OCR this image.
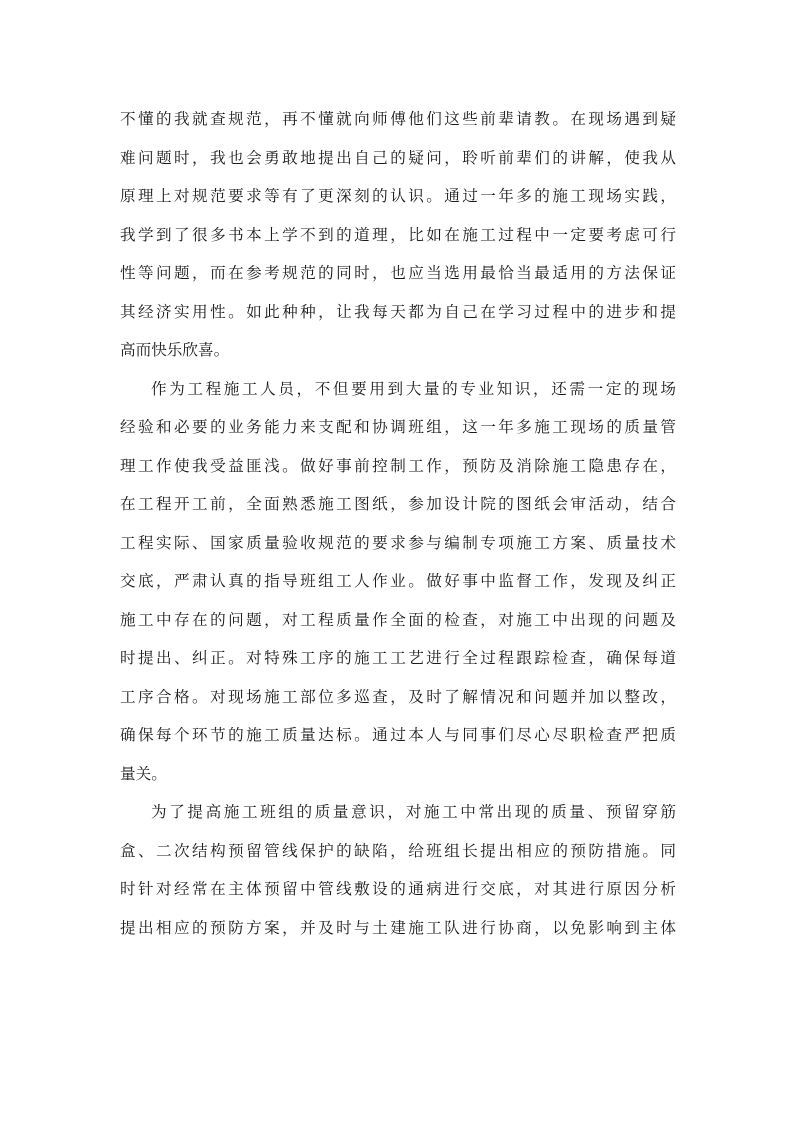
不懂的我就查规范，再不懂就向师傅他们这些前辈请教。在现场遇到疑
难问题时，我也会勇敢地提出自己的疑问，聆听前辈们的讲解，使我从
原理上对规范要求等有了更深刻的认识。通过一年多的施工现场实践，
我学到了很多书本上学不到的道理，比如在施工过程中一定要考虑可行
性等问题，而在参考规范的同时，也应当选用最恰当最适用的方法保证
其经济实用性。如此种种，让我每天都为自己在学习过程中的进步和提
高而快乐欣喜。
作为工程施工人员，不但要用到大量的专业知识，还需一定的现场
经验和必要的业务能力来支配和协调班组，这一年多施工现场的质量管
理工作使我受益匪浅。做好事前控制工作，预防及消除施工隐患存在，
在工程开工前，全面熟悉施工图纸，参加设计院的图纸会审活动，结合
工程实际、国家质量验收规范的要求参与编制专项施工方案、质量技术
交底，严肃认真的指导班组工人作业。做好事中监督工作，发现及纠正
施工中存在的问题，对工程质量作全面的检查，对施工中出现的问题及
时提出、纠正。对特殊工序的施工工艺进行全过程跟踪检查，确保每道
工序合格。对现场施工部位多巡查，及时了解情况和问题并加以整改，
确保每个环节的施工质量达标。通过本人与同事们尽心尽职检查严把质
量关。
为了提高施工班组的质量意识，对施工中常出现的质量、预留穿筋
盒、二次结构预留管线保护的缺陷，给班组长提出相应的预防措施。同
时针对经常在主体预留中管线敷设的通病进行交底，对其进行原因分析
提出相应的预防方案，并及时与土建施工队进行协商，以免影响到主体
